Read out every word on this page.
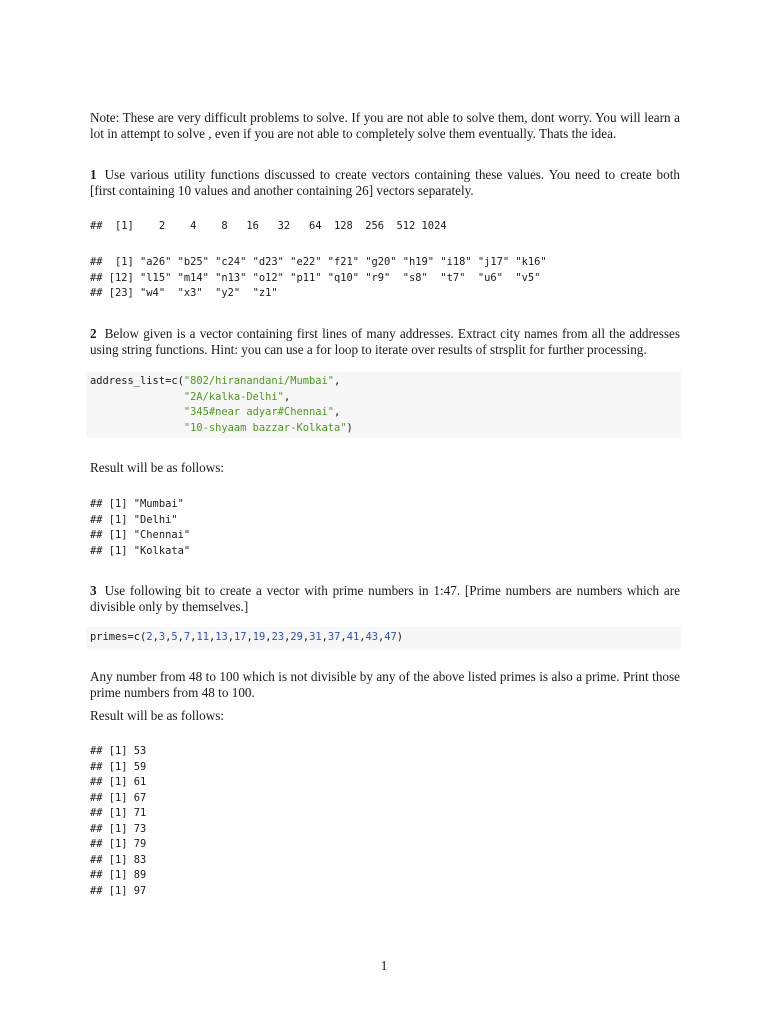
Note: These are very difficult problems to solve. If you are not able to solve them, dont worry. You will learn a lot in attempt to solve , even if you are not able to completely solve them eventually. Thats the idea.
1 Use various utility functions discussed to create vectors containing these values. You need to create both [first containing 10 values and another containing 26] vectors separately.
##  [1]    2    4    8   16   32   64  128  256  512 1024
##  [1] "a26" "b25" "c24" "d23" "e22" "f21" "g20" "h19" "i18" "j17" "k16"
## [12] "l15" "m14" "n13" "o12" "p11" "q10" "r9"  "s8"  "t7"  "u6"  "v5"
## [23] "w4"  "x3"  "y2"  "z1"
2 Below given is a vector containing first lines of many addresses. Extract city names from all the addresses using string functions. Hint: you can use a for loop to iterate over results of strsplit for further processing.
address_list=c("802/hiranandani/Mumbai",
"2A/kalka-Delhi",
"345#near adyar#Chennai",
"10-shyaam bazzar-Kolkata")
Result will be as follows:
## [1] "Mumbai"
## [1] "Delhi"
## [1] "Chennai"
## [1] "Kolkata"
3 Use following bit to create a vector with prime numbers in 1:47. [Prime numbers are numbers which are divisible only by themselves.]
primes=c(2,3,5,7,11,13,17,19,23,29,31,37,41,43,47)
Any number from 48 to 100 which is not divisible by any of the above listed primes is also a prime. Print those prime numbers from 48 to 100.
Result will be as follows:
## [1] 53
## [1] 59
## [1] 61
## [1] 67
## [1] 71
## [1] 73
## [1] 79
## [1] 83
## [1] 89
## [1] 97
1
